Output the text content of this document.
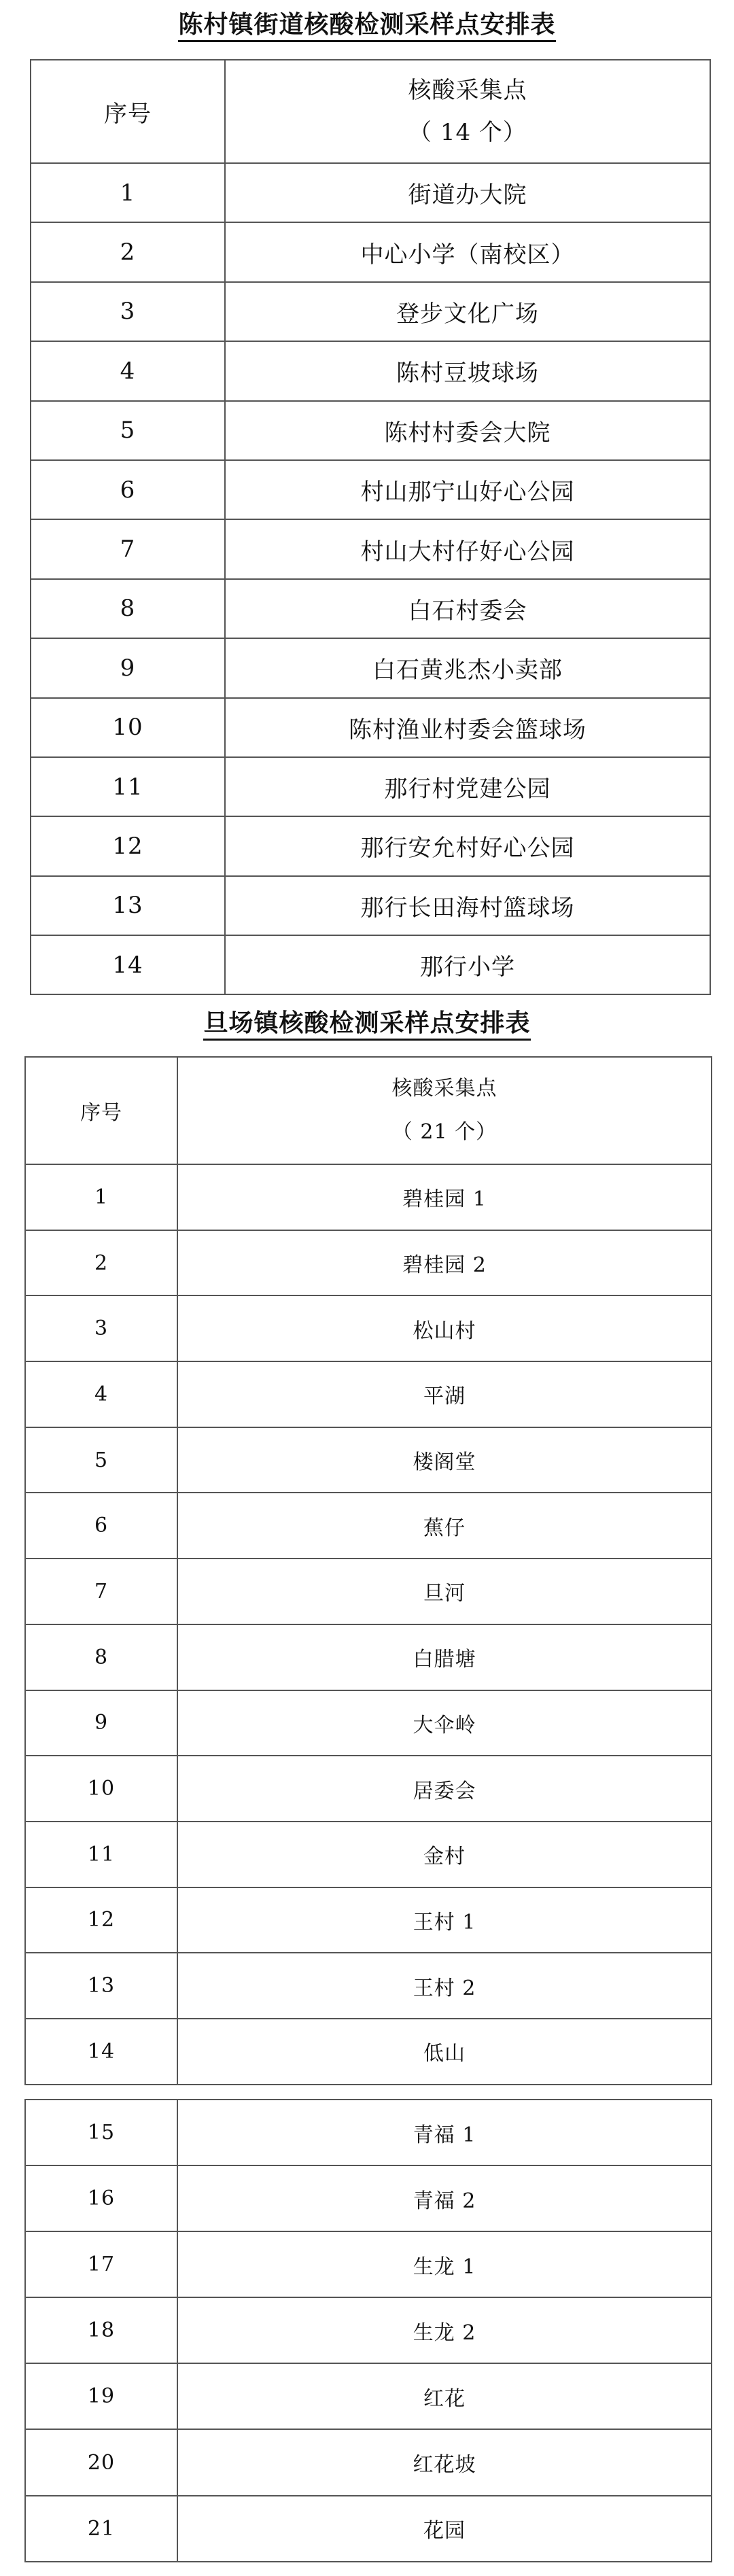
陈村镇街道核酸检测采样点安排表
序号	核酸采集点
（ 14 个）

1	街道办大院
2	中心小学（南校区）
3	登步文化广场
4	陈村豆坡球场
5	陈村村委会大院
6	村山那宁山好心公园
7	村山大村仔好心公园
8	白石村委会
9	白石黄兆杰小卖部
10	陈村渔业村委会篮球场
11	那行村党建公园
12	那行安允村好心公园
13	那行长田海村篮球场
14	那行小学
旦场镇核酸检测采样点安排表
序号	核酸采集点
（ 21 个）

1	碧桂园 1
2	碧桂园 2
3	松山村
4	平湖
5	楼阁堂
6	蕉仔
7	旦河
8	白腊塘
9	大伞岭
10	居委会
11	金村
12	王村 1
13	王村 2
14	低山
15	青福 1
16	青福 2
17	生龙 1
18	生龙 2
19	红花
20	红花坡
21	花园
